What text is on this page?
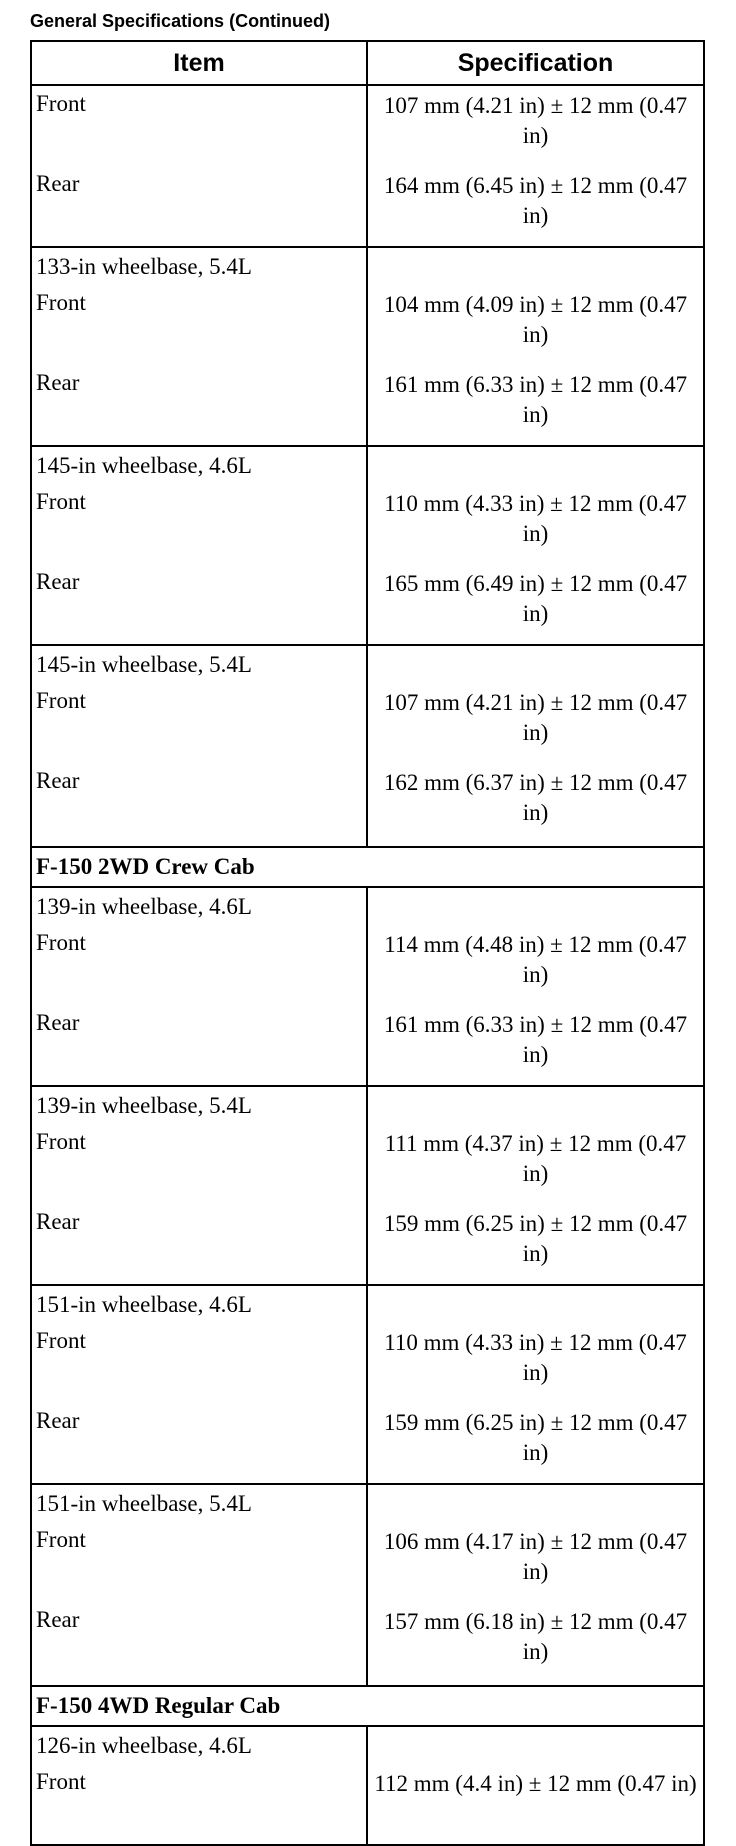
General Specifications (Continued)
Item	Specification
Front	107 mm (4.21 in) ± 12 mm (0.47 in)
Rear	164 mm (6.45 in) ± 12 mm (0.47 in)
133-in wheelbase, 5.4L	
Front	104 mm (4.09 in) ± 12 mm (0.47 in)
Rear	161 mm (6.33 in) ± 12 mm (0.47 in)
145-in wheelbase, 4.6L	
Front	110 mm (4.33 in) ± 12 mm (0.47 in)
Rear	165 mm (6.49 in) ± 12 mm (0.47 in)
145-in wheelbase, 5.4L	
Front	107 mm (4.21 in) ± 12 mm (0.47 in)
Rear	162 mm (6.37 in) ± 12 mm (0.47 in)
F-150 2WD Crew Cab	
139-in wheelbase, 4.6L	
Front	114 mm (4.48 in) ± 12 mm (0.47 in)
Rear	161 mm (6.33 in) ± 12 mm (0.47 in)
139-in wheelbase, 5.4L	
Front	111 mm (4.37 in) ± 12 mm (0.47 in)
Rear	159 mm (6.25 in) ± 12 mm (0.47 in)
151-in wheelbase, 4.6L	
Front	110 mm (4.33 in) ± 12 mm (0.47 in)
Rear	159 mm (6.25 in) ± 12 mm (0.47 in)
151-in wheelbase, 5.4L	
Front	106 mm (4.17 in) ± 12 mm (0.47 in)
Rear	157 mm (6.18 in) ± 12 mm (0.47 in)
F-150 4WD Regular Cab	
126-in wheelbase, 4.6L	
Front	112 mm (4.4 in) ± 12 mm (0.47 in)
